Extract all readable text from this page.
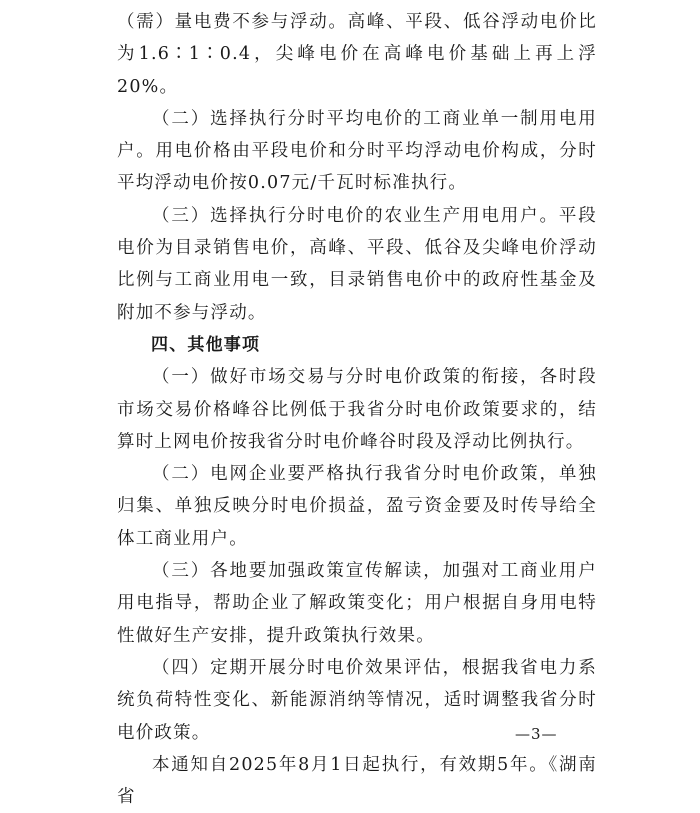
（需）量电费不参与浮动。高峰、平段、低谷浮动电价比为1.6∶1∶0.4，尖峰电价在高峰电价基础上再上浮20%。

（二）选择执行分时平均电价的工商业单一制用电用户。用电价格由平段电价和分时平均浮动电价构成，分时平均浮动电价按0.07元/千瓦时标准执行。

（三）选择执行分时电价的农业生产用电用户。平段电价为目录销售电价，高峰、平段、低谷及尖峰电价浮动比例与工商业用电一致，目录销售电价中的政府性基金及附加不参与浮动。

四、其他事项

（一）做好市场交易与分时电价政策的衔接，各时段市场交易价格峰谷比例低于我省分时电价政策要求的，结算时上网电价按我省分时电价峰谷时段及浮动比例执行。

（二）电网企业要严格执行我省分时电价政策，单独归集、单独反映分时电价损益，盈亏资金要及时传导给全体工商业用户。

（三）各地要加强政策宣传解读，加强对工商业用户用电指导，帮助企业了解政策变化；用户根据自身用电特性做好生产安排，提升政策执行效果。

（四）定期开展分时电价效果评估，根据我省电力系统负荷特性变化、新能源消纳等情况，适时调整我省分时电价政策。

本通知自2025年8月1日起执行，有效期5年。《湖南省

—3—
